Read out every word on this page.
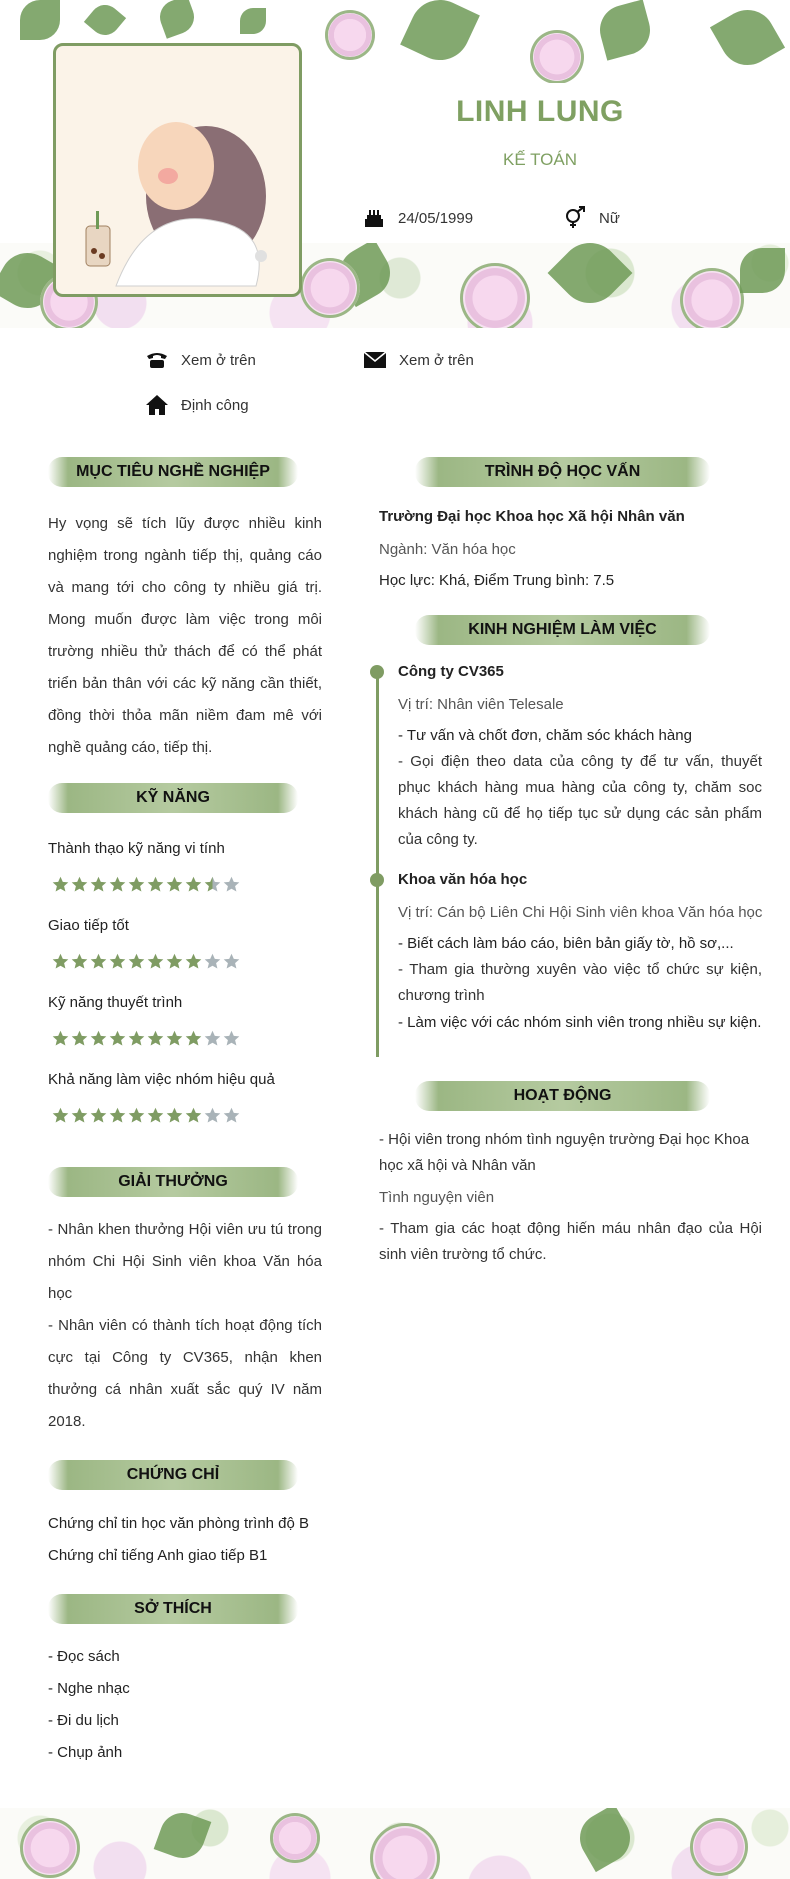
LINH LUNG
KẾ TOÁN
24/05/1999	Nữ
Xem ở trên	Xem ở trên
Định công
MỤC TIÊU NGHỀ NGHIỆP
Hy vọng sẽ tích lũy được nhiều kinh nghiệm trong ngành tiếp thị, quảng cáo và mang tới cho công ty nhiều giá trị. Mong muốn được làm việc trong môi trường nhiều thử thách để có thể phát triển bản thân với các kỹ năng cần thiết, đồng thời thỏa mãn niềm đam mê với nghề quảng cáo, tiếp thị.
KỸ NĂNG
Thành thạo kỹ năng vi tính
Giao tiếp tốt
Kỹ năng thuyết trình
Khả năng làm việc nhóm hiệu quả
GIẢI THƯỞNG
- Nhân khen thưởng Hội viên ưu tú trong nhóm Chi Hội Sinh viên khoa Văn hóa học
- Nhân viên có thành tích hoạt động tích cực tại Công ty CV365, nhận khen thưởng cá nhân xuất sắc quý IV năm 2018.
CHỨNG CHỈ
Chứng chỉ tin học văn phòng trình độ B
Chứng chỉ tiếng Anh giao tiếp B1
SỞ THÍCH
- Đọc sách
- Nghe nhạc
- Đi du lịch
- Chụp ảnh
TRÌNH ĐỘ HỌC VẤN
Trường Đại học Khoa học Xã hội Nhân văn
Ngành: Văn hóa học
Học lực: Khá, Điểm Trung bình: 7.5
KINH NGHIỆM LÀM VIỆC
Công ty CV365
Vị trí: Nhân viên Telesale
- Tư vấn và chốt đơn, chăm sóc khách hàng
- Gọi điện theo data của công ty để tư vấn, thuyết phục khách hàng mua hàng của công ty, chăm soc khách hàng cũ để họ tiếp tục sử dụng các sản phẩm của công ty.
Khoa văn hóa học
Vị trí: Cán bộ Liên Chi Hội Sinh viên khoa Văn hóa học
- Biết cách làm báo cáo, biên bản giấy tờ, hồ sơ,...
- Tham gia thường xuyên vào việc tổ chức sự kiện, chương trình
- Làm việc với các nhóm sinh viên trong nhiều sự kiện.
HOẠT ĐỘNG
- Hội viên trong nhóm tình nguyện trường Đại học Khoa học xã hội và Nhân văn
Tình nguyện viên
- Tham gia các hoạt động hiến máu nhân đạo của Hội sinh viên trường tổ chức.
